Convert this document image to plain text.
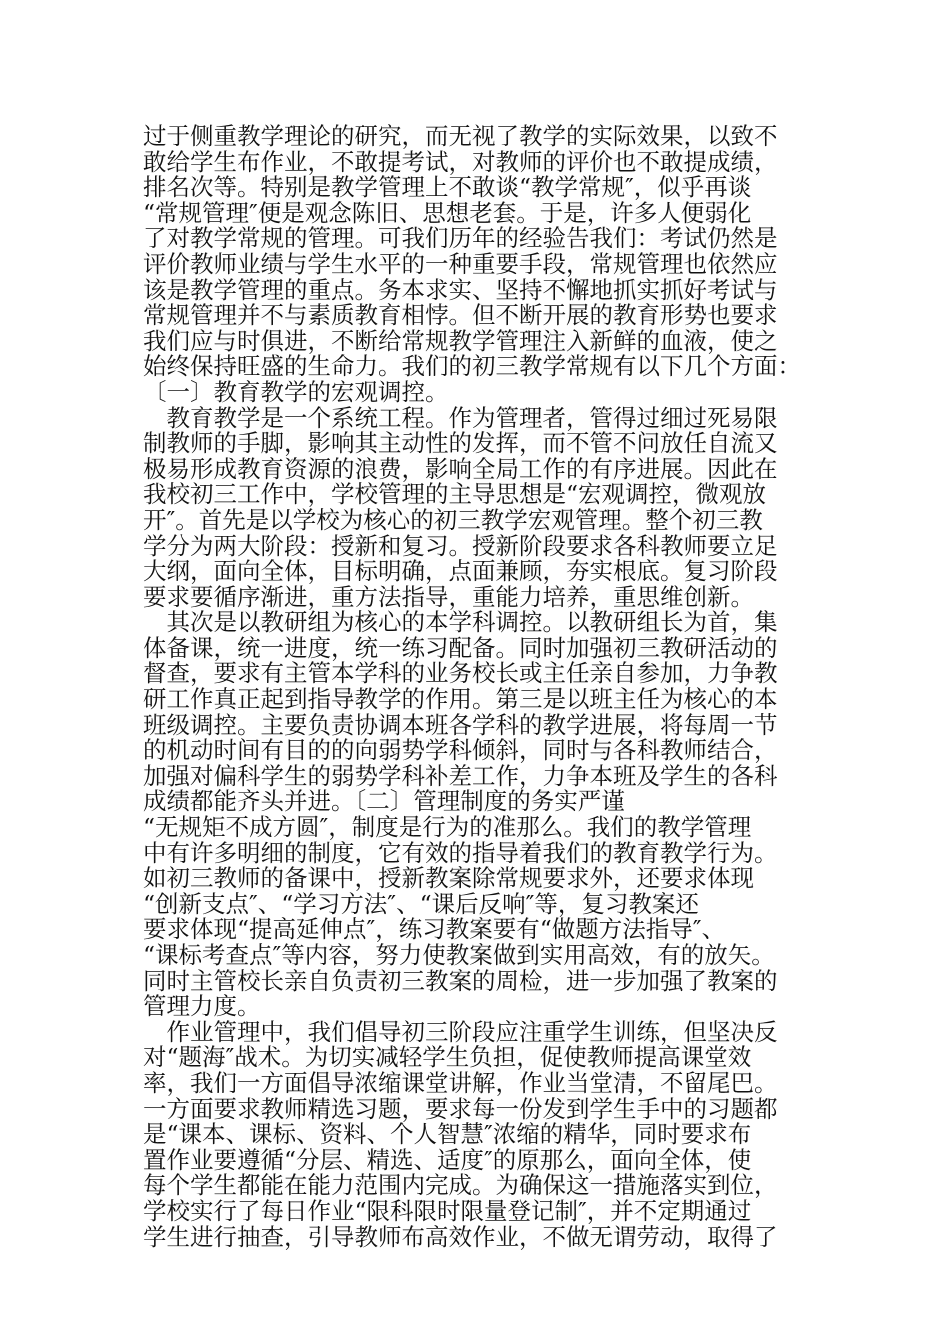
过于侧重教学理论的研究，而无视了教学的实际效果，以致不
敢给学生布作业，不敢提考试，对教师的评价也不敢提成绩，
排名次等。特别是教学管理上不敢谈“教学常规″，似乎再谈
“常规管理″便是观念陈旧、思想老套。于是，许多人便弱化
了对教学常规的管理。可我们历年的经验告我们：考试仍然是
评价教师业绩与学生水平的一种重要手段，常规管理也依然应
该是教学管理的重点。务本求实、坚持不懈地抓实抓好考试与
常规管理并不与素质教育相悖。但不断开展的教育形势也要求
我们应与时俱进，不断给常规教学管理注入新鲜的血液，使之
始终保持旺盛的生命力。我们的初三教学常规有以下几个方面：
〔一〕教育教学的宏观调控。
　教育教学是一个系统工程。作为管理者，管得过细过死易限
制教师的手脚，影响其主动性的发挥，而不管不问放任自流又
极易形成教育资源的浪费，影响全局工作的有序进展。因此在
我校初三工作中，学校管理的主导思想是“宏观调控，微观放
开″。首先是以学校为核心的初三教学宏观管理。整个初三教
学分为两大阶段：授新和复习。授新阶段要求各科教师要立足
大纲，面向全体，目标明确，点面兼顾，夯实根底。复习阶段
要求要循序渐进，重方法指导，重能力培养，重思维创新。
　其次是以教研组为核心的本学科调控。以教研组长为首，集
体备课，统一进度，统一练习配备。同时加强初三教研活动的
督查，要求有主管本学科的业务校长或主任亲自参加，力争教
研工作真正起到指导教学的作用。第三是以班主任为核心的本
班级调控。主要负责协调本班各学科的教学进展，将每周一节
的机动时间有目的的向弱势学科倾斜，同时与各科教师结合，
加强对偏科学生的弱势学科补差工作，力争本班及学生的各科
成绩都能齐头并进。〔二〕管理制度的务实严谨
“无规矩不成方圆″，制度是行为的准那么。我们的教学管理
中有许多明细的制度，它有效的指导着我们的教育教学行为。
如初三教师的备课中，授新教案除常规要求外，还要求体现
“创新支点″、“学习方法″、“课后反响″等，复习教案还
要求体现“提高延伸点″，练习教案要有“做题方法指导″、
“课标考查点″等内容，努力使教案做到实用高效，有的放矢。
同时主管校长亲自负责初三教案的周检，进一步加强了教案的
管理力度。
　作业管理中，我们倡导初三阶段应注重学生训练，但坚决反
对“题海″战术。为切实减轻学生负担，促使教师提高课堂效
率，我们一方面倡导浓缩课堂讲解，作业当堂清，不留尾巴。
一方面要求教师精选习题，要求每一份发到学生手中的习题都
是“课本、课标、资料、个人智慧″浓缩的精华，同时要求布
置作业要遵循“分层、精选、适度″的原那么，面向全体，使
每个学生都能在能力范围内完成。为确保这一措施落实到位，
学校实行了每日作业“限科限时限量登记制″，并不定期通过
学生进行抽查，引导教师布高效作业，不做无谓劳动，取得了
